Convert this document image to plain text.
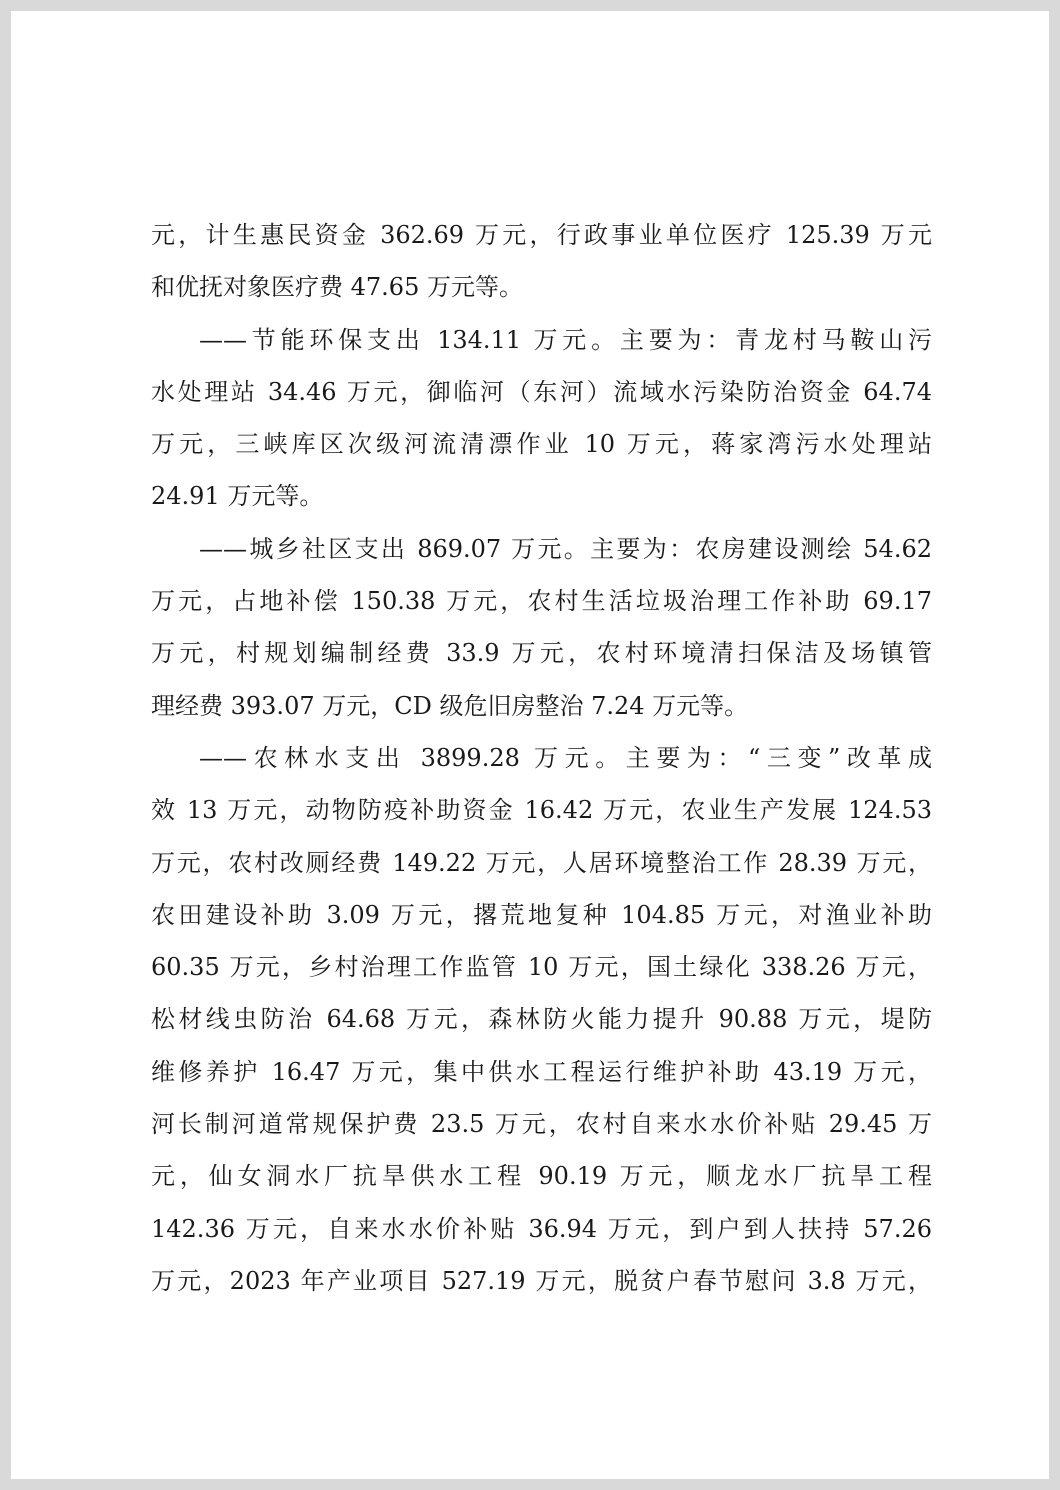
元，计生惠民资金 362.69 万元，行政事业单位医疗 125.39 万元
和优抚对象医疗费 47.65 万元等。
——节能环保支出 134.11 万元。主要为：青龙村马鞍山污
水处理站 34.46 万元，御临河（东河）流域水污染防治资金 64.74
万元，三峡库区次级河流清漂作业 10 万元，蒋家湾污水处理站
24.91 万元等。
——城乡社区支出 869.07 万元。主要为：农房建设测绘 54.62
万元，占地补偿 150.38 万元，农村生活垃圾治理工作补助 69.17
万元，村规划编制经费 33.9 万元，农村环境清扫保洁及场镇管
理经费 393.07 万元，CD 级危旧房整治 7.24 万元等。
——农林水支出 3899.28 万元。主要为：“三变”改革成
效 13 万元，动物防疫补助资金 16.42 万元，农业生产发展 124.53
万元，农村改厕经费 149.22 万元，人居环境整治工作 28.39 万元，
农田建设补助 3.09 万元，撂荒地复种 104.85 万元，对渔业补助
60.35 万元，乡村治理工作监管 10 万元，国土绿化 338.26 万元，
松材线虫防治 64.68 万元，森林防火能力提升 90.88 万元，堤防
维修养护 16.47 万元，集中供水工程运行维护补助 43.19 万元，
河长制河道常规保护费 23.5 万元，农村自来水水价补贴 29.45 万
元，仙女洞水厂抗旱供水工程 90.19 万元，顺龙水厂抗旱工程
142.36 万元，自来水水价补贴 36.94 万元，到户到人扶持 57.26
万元，2023 年产业项目 527.19 万元，脱贫户春节慰问 3.8 万元，
